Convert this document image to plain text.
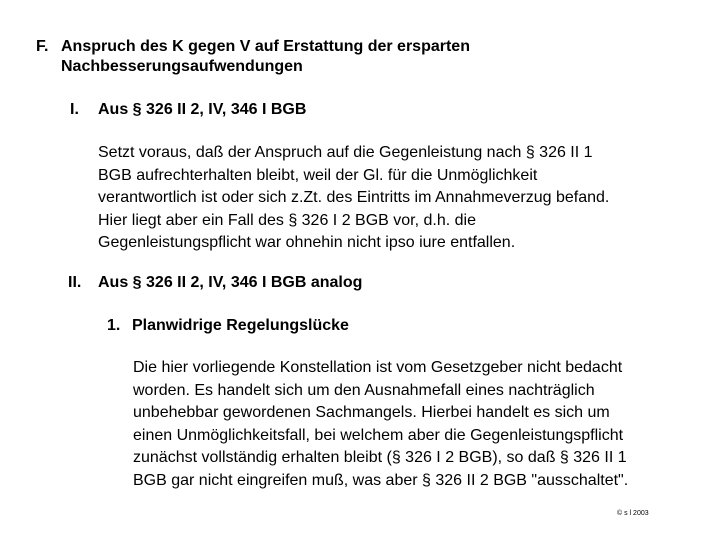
F. Anspruch des K gegen V auf Erstattung der ersparten
Nachbesserungsaufwendungen
I. Aus § 326 II 2, IV, 346 I BGB
Setzt voraus, daß der Anspruch auf die Gegenleistung nach § 326 II 1
BGB aufrechterhalten bleibt, weil der Gl. für die Unmöglichkeit
verantwortlich ist oder sich z.Zt. des Eintritts im Annahmeverzug befand.
Hier liegt aber ein Fall des § 326 I 2 BGB vor, d.h. die
Gegenleistungspflicht war ohnehin nicht ipso iure entfallen.
II. Aus § 326 II 2, IV, 346 I BGB analog
1. Planwidrige Regelungslücke
Die hier vorliegende Konstellation ist vom Gesetzgeber nicht bedacht
worden. Es handelt sich um den Ausnahmefall eines nachträglich
unbehebbar gewordenen Sachmangels. Hierbei handelt es sich um
einen Unmöglichkeitsfall, bei welchem aber die Gegenleistungspflicht
zunächst vollständig erhalten bleibt (§ 326 I 2 BGB), so daß § 326 II 1
BGB gar nicht eingreifen muß, was aber § 326 II 2 BGB "ausschaltet".
© s l 2003
